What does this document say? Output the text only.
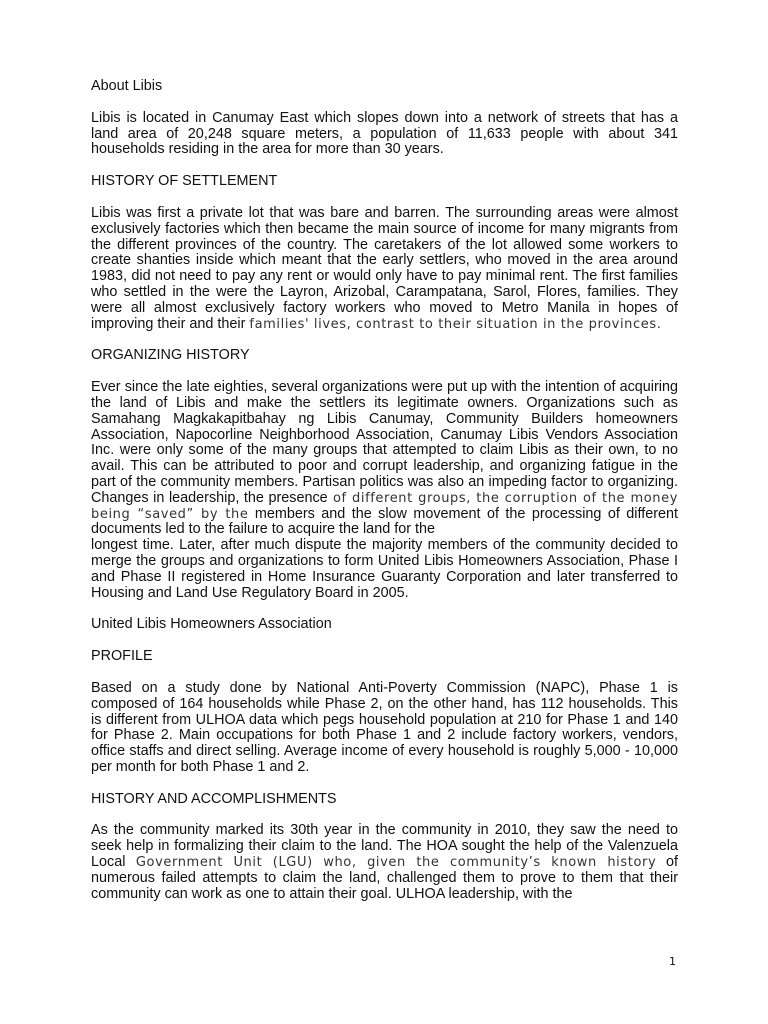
About Libis

Libis is located in Canumay East which slopes down into a network of streets that has a land area of 20,248 square meters, a population of 11,633 people with about 341 households residing in the area for more than 30 years.

HISTORY OF SETTLEMENT

Libis was first a private lot that was bare and barren. The surrounding areas were almost exclusively factories which then became the main source of income for many migrants from the different provinces of the country. The caretakers of the lot allowed some workers to create shanties inside which meant that the early settlers, who moved in the area around 1983, did not need to pay any rent or would only have to pay minimal rent. The first families who settled in the were the Layron, Arizobal, Carampatana, Sarol, Flores, families. They were all almost exclusively factory workers who moved to Metro Manila in hopes of improving their and their families' lives, contrast to their situation in the provinces.

ORGANIZING HISTORY

Ever since the late eighties, several organizations were put up with the intention of acquiring the land of Libis and make the settlers its legitimate owners. Organizations such as Samahang Magkakapitbahay ng Libis Canumay, Community Builders homeowners Association, Napocorline Neighborhood Association, Canumay Libis Vendors Association Inc. were only some of the many groups that attempted to claim Libis as their own, to no avail. This can be attributed to poor and corrupt leadership, and organizing fatigue in the part of the community members. Partisan politics was also an impeding factor to organizing. Changes in leadership, the presence of different groups, the corruption of the money being “saved” by the members and the slow movement of the processing of different documents led to the failure to acquire the land for the

longest time. Later, after much dispute the majority members of the community decided to merge the groups and organizations to form United Libis Homeowners Association, Phase I and Phase II registered in Home Insurance Guaranty Corporation and later transferred to Housing and Land Use Regulatory Board in 2005.

United Libis Homeowners Association

PROFILE

Based on a study done by National Anti-Poverty Commission (NAPC), Phase 1 is composed of 164 households while Phase 2, on the other hand, has 112 households. This is different from ULHOA data which pegs household population at 210 for Phase 1 and 140 for Phase 2. Main occupations for both Phase 1 and 2 include factory workers, vendors, office staffs and direct selling. Average income of every household is roughly 5,000 - 10,000 per month for both Phase 1 and 2.

HISTORY AND ACCOMPLISHMENTS

As the community marked its 30th year in the community in 2010, they saw the need to seek help in formalizing their claim to the land. The HOA sought the help of the Valenzuela Local Government Unit (LGU) who, given the community’s known history of numerous failed attempts to claim the land, challenged them to prove to them that their community can work as one to attain their goal. ULHOA leadership, with the

1
